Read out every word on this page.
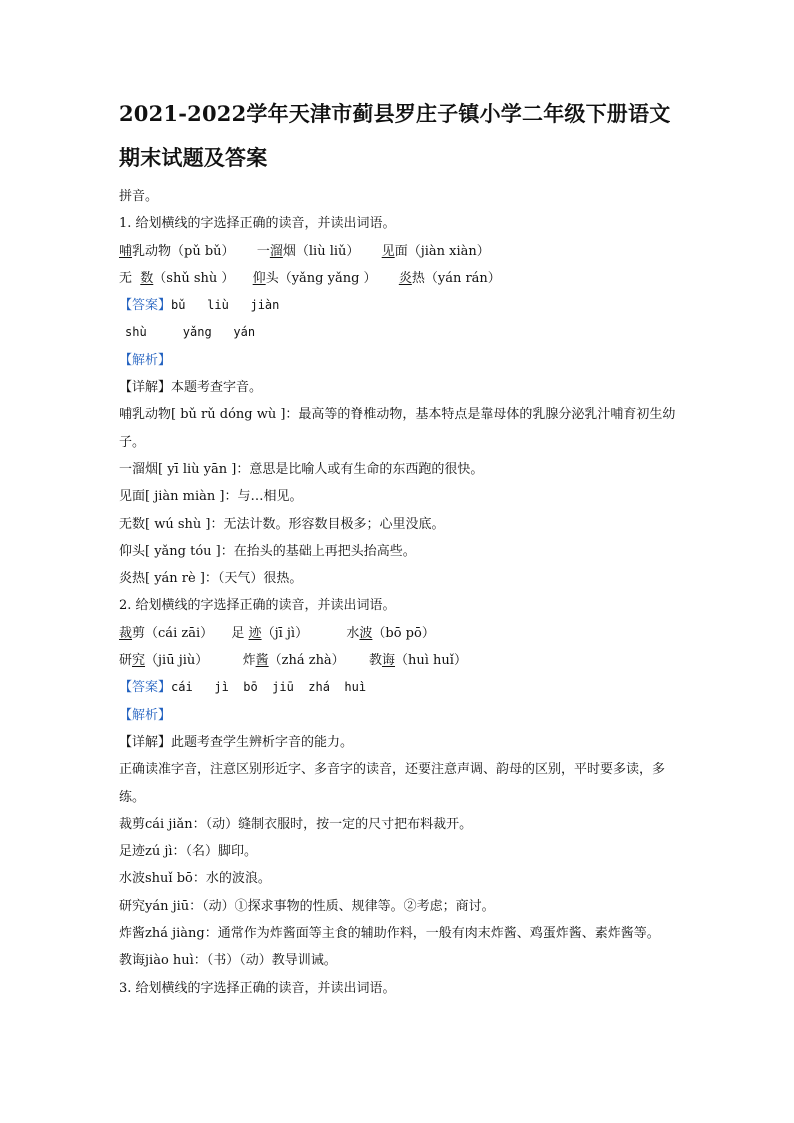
2021-2022学年天津市蓟县罗庄子镇小学二年级下册语文期末试题及答案
拼音。
1. 给划横线的字选择正确的读音，并读出词语。
哺乳动物（pǔ bǔ） 一溜烟（liù liǔ） 见面（jiàn xiàn）
无  数（shǔ shù ） 仰头（yǎng yǎng ） 炎热（yán rán）
【答案】bǔ   liù   jiàn
shù     yǎng   yán
【解析】
【详解】本题考查字音。
哺乳动物[ bǔ rǔ dóng wù ]：最高等的脊椎动物，基本特点是靠母体的乳腺分泌乳汁哺育初生幼子。
一溜烟[ yī liù yān ]：意思是比喻人或有生命的东西跑的很快。
见面[ jiàn miàn ]：与…相见。
无数[ wú shù ]：无法计数。形容数目极多；心里没底。
仰头[ yǎng tóu ]：在抬头的基础上再把头抬高些。
炎热[ yán rè ]：（天气）很热。
2. 给划横线的字选择正确的读音，并读出词语。
裁剪（cái zāi） 足 迹（jī jì）	水波（bō pō）
研究（jiū jiù）	炸酱（zhá zhà） 教诲（huì huǐ）
【答案】cái   jì  bō  jiū  zhá  huì
【解析】
【详解】此题考查学生辨析字音的能力。
正确读准字音，注意区别形近字、多音字的读音，还要注意声调、韵母的区别，平时要多读，多练。
裁剪cái jiǎn：（动）缝制衣服时，按一定的尺寸把布料裁开。
足迹zú jì：（名）脚印。
水波shuǐ bō：水的波浪。
研究yán jiū：（动）①探求事物的性质、规律等。②考虑；商讨。
炸酱zhá jiàng：通常作为炸酱面等主食的辅助作料，一般有肉末炸酱、鸡蛋炸酱、素炸酱等。
教诲jiào huì：（书）（动）教导训诫。
3. 给划横线的字选择正确的读音，并读出词语。
